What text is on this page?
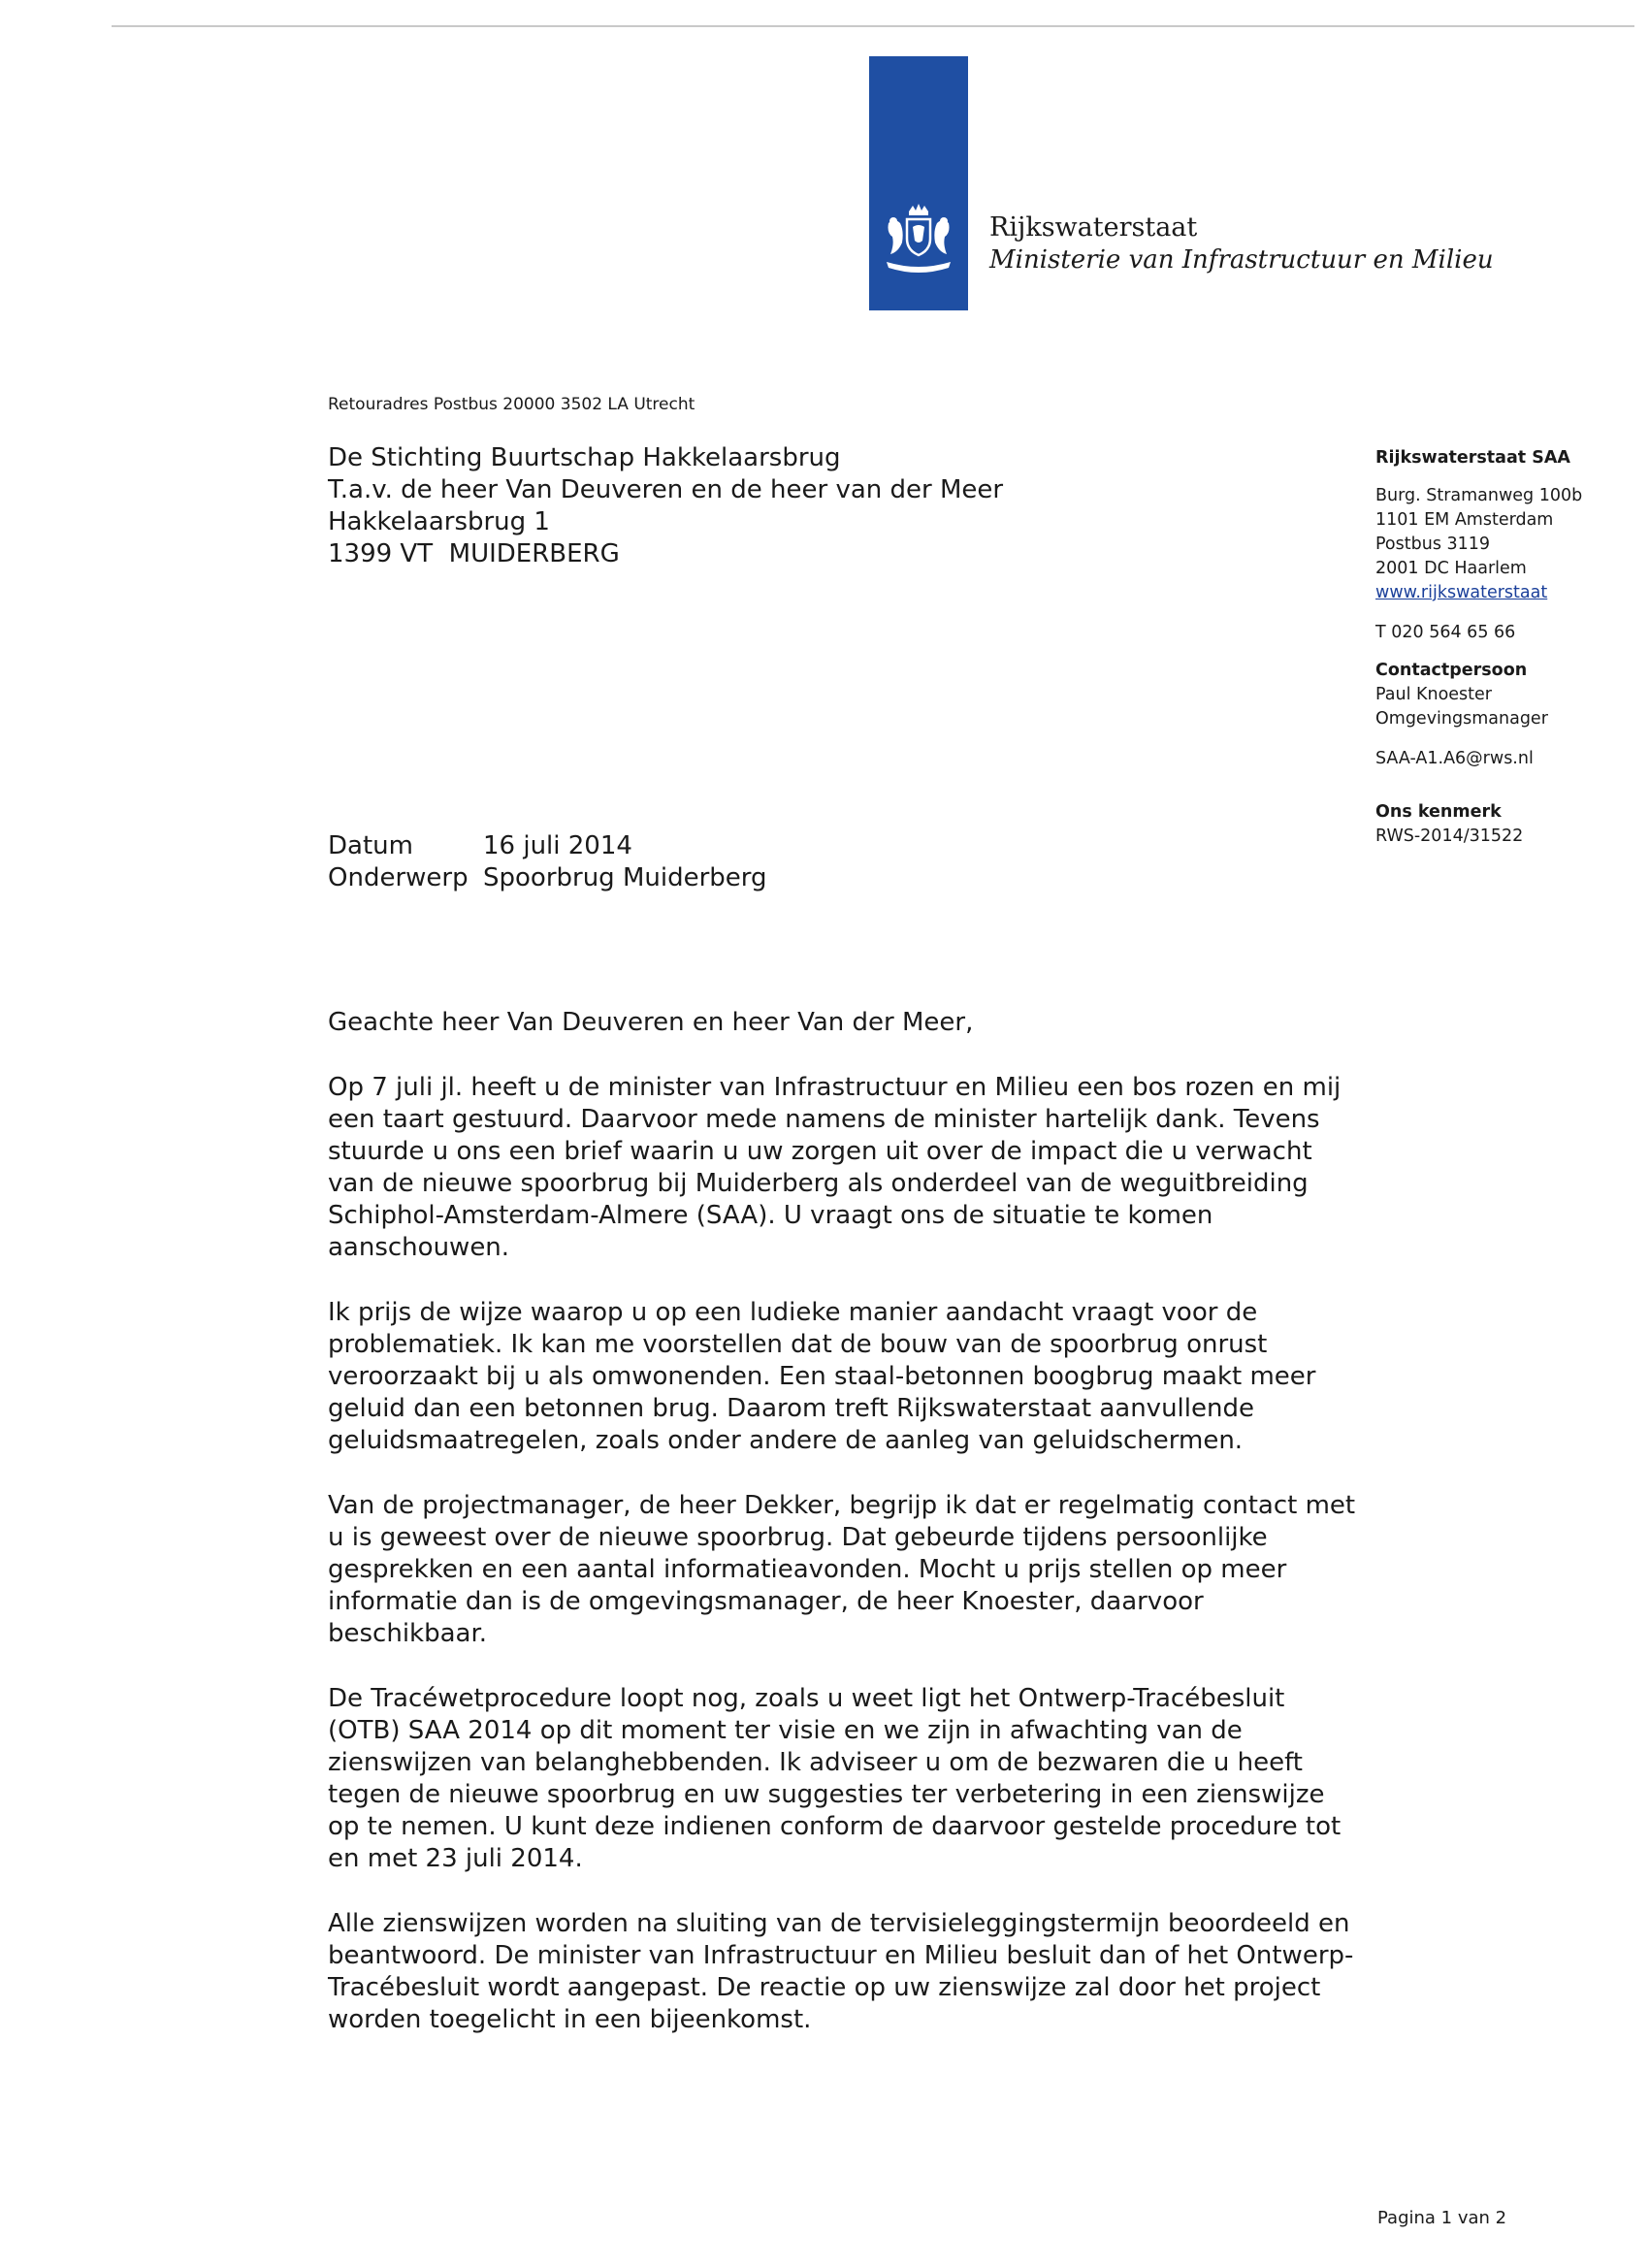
Rijkswaterstaat
Ministerie van Infrastructuur en Milieu
Retouradres Postbus 20000 3502 LA Utrecht
De Stichting Buurtschap Hakkelaarsbrug
T.a.v. de heer Van Deuveren en de heer van der Meer
Hakkelaarsbrug 1
1399 VT  MUIDERBERG
Rijkswaterstaat SAA
Burg. Stramanweg 100b
1101 EM Amsterdam
Postbus 3119
2001 DC Haarlem
www.rijkswaterstaat
T 020 564 65 66
Contactpersoon
Paul Knoester
Omgevingsmanager
SAA-A1.A6@rws.nl
Ons kenmerk
RWS-2014/31522
Datum	16 juli 2014
Onderwerp Spoorbrug Muiderberg

Geachte heer Van Deuveren en heer Van der Meer,

Op 7 juli jl. heeft u de minister van Infrastructuur en Milieu een bos rozen en mij een taart gestuurd. Daarvoor mede namens de minister hartelijk dank. Tevens stuurde u ons een brief waarin u uw zorgen uit over de impact die u verwacht van de nieuwe spoorbrug bij Muiderberg als onderdeel van de weguitbreiding Schiphol-Amsterdam-Almere (SAA). U vraagt ons de situatie te komen aanschouwen.

Ik prijs de wijze waarop u op een ludieke manier aandacht vraagt voor de problematiek. Ik kan me voorstellen dat de bouw van de spoorbrug onrust veroorzaakt bij u als omwonenden. Een staal-betonnen boogbrug maakt meer geluid dan een betonnen brug. Daarom treft Rijkswaterstaat aanvullende geluidsmaatregelen, zoals onder andere de aanleg van geluidschermen.

Van de projectmanager, de heer Dekker, begrijp ik dat er regelmatig contact met u is geweest over de nieuwe spoorbrug. Dat gebeurde tijdens persoonlijke gesprekken en een aantal informatieavonden. Mocht u prijs stellen op meer informatie dan is de omgevingsmanager, de heer Knoester, daarvoor beschikbaar.

De Tracéwetprocedure loopt nog, zoals u weet ligt het Ontwerp-Tracébesluit (OTB) SAA 2014 op dit moment ter visie en we zijn in afwachting van de zienswijzen van belanghebbenden. Ik adviseer u om de bezwaren die u heeft tegen de nieuwe spoorbrug en uw suggesties ter verbetering in een zienswijze op te nemen. U kunt deze indienen conform de daarvoor gestelde procedure tot en met 23 juli 2014.

Alle zienswijzen worden na sluiting van de tervisieleggingstermijn beoordeeld en beantwoord. De minister van Infrastructuur en Milieu besluit dan of het Ontwerp-Tracébesluit wordt aangepast. De reactie op uw zienswijze zal door het project worden toegelicht in een bijeenkomst.

Pagina 1 van 2
